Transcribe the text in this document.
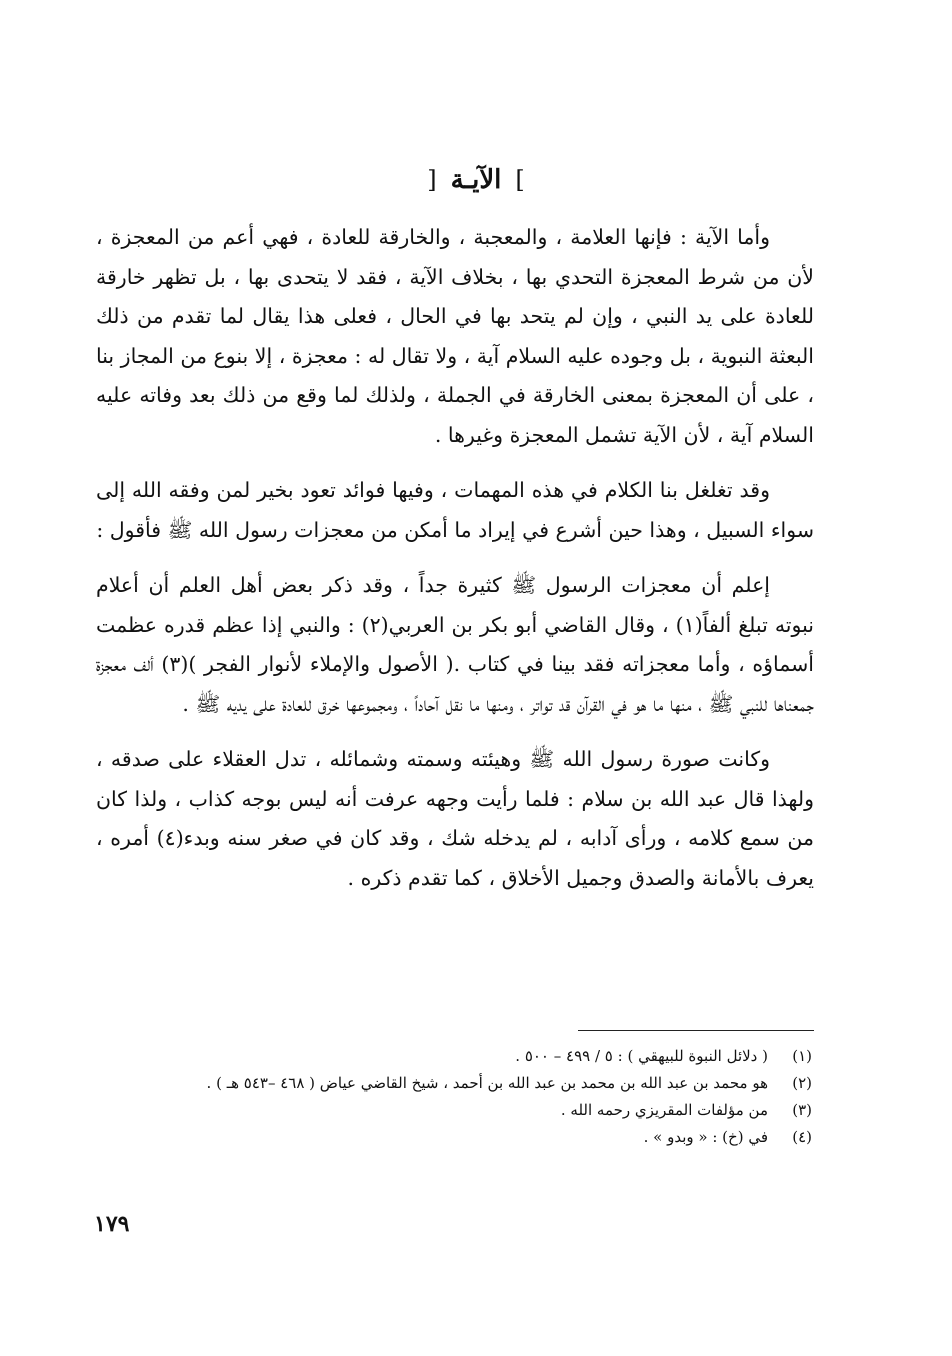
]الآيـة[

وأما الآية : فإنها العلامة ، والمعجبة ، والخارقة للعادة ، فهي أعم من المعجزة ، لأن من شرط المعجزة التحدي بها ، بخلاف الآية ، فقد لا يتحدى بها ، بل تظهر خارقة للعادة على يد النبي ، وإن لم يتحد بها في الحال ، فعلى هذا يقال لما تقدم من ذلك البعثة النبوية ، بل وجوده عليه السلام آية ، ولا تقال له : معجزة ، إلا بنوع من المجاز بنا ، على أن المعجزة بمعنى الخارقة في الجملة ، ولذلك لما وقع من ذلك بعد وفاته عليه السلام آية ، لأن الآية تشمل المعجزة وغيرها .

وقد تغلغل بنا الكلام في هذه المهمات ، وفيها فوائد تعود بخير لمن وفقه الله إلى سواء السبيل ، وهذا حين أشرع في إيراد ما أمكن من معجزات رسول الله ﷺ فأقول :

إعلم أن معجزات الرسول ﷺ كثيرة جداً ، وقد ذكر بعض أهل العلم أن أعلام نبوته تبلغ ألفاً(١) ، وقال القاضي أبو بكر بن العربي(٢) : والنبي إذا عظم قدره عظمت أسماؤه ، وأما معجزاته فقد بينا في كتاب .( الأصول والإملاء لأنوار الفجر )(٣) ألف معجزة جمعناها للنبي ﷺ ، منها ما هو في القرآن قد تواتر ، ومنها ما نقل آحاداً ، ومجموعها خرق للعادة على يديه ﷺ .

وكانت صورة رسول الله ﷺ وهيئته وسمته وشمائله ، تدل العقلاء على صدقه ، ولهذا قال عبد الله بن سلام : فلما رأيت وجهه عرفت أنه ليس بوجه كذاب ، ولذا كان من سمع كلامه ، ورأى آدابه ، لم يدخله شك ، وقد كان في صغر سنه وبدء(٤) أمره ، يعرف بالأمانة والصدق وجميل الأخلاق ، كما تقدم ذكره .

(١)
( دلائل النبوة للبيهقي ) : ٥ / ٤٩٩ – ٥٠٠ .
(٢)
هو محمد بن عبد الله بن محمد بن عبد الله بن أحمد ، شيخ القاضي عياض ( ٤٦٨ –٥٤٣ هـ ) .
(٣)
من مؤلفات المقريزي رحمه الله .
(٤)
في (خ) : « وبدو » .
١٧٩
